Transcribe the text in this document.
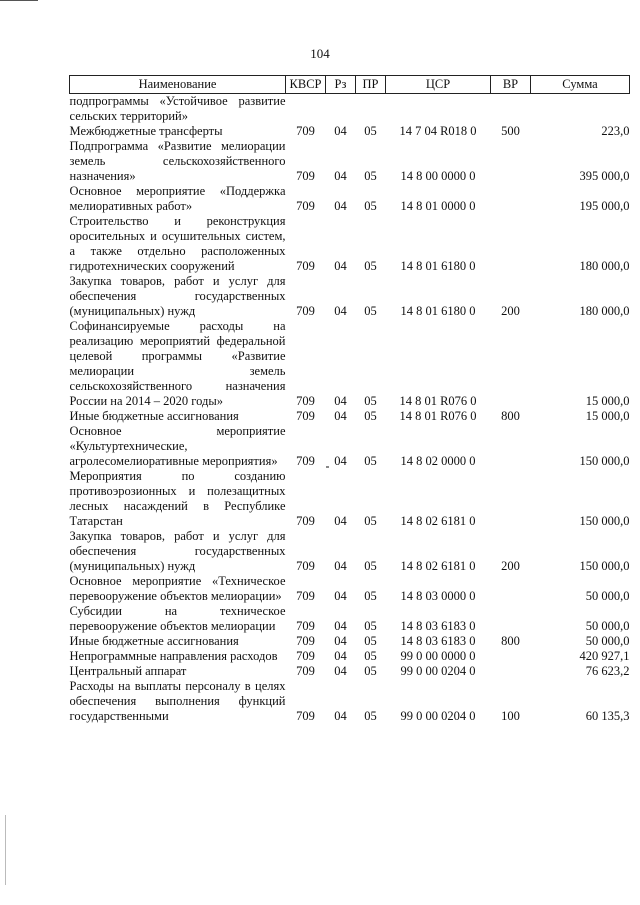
104
Наименование	КВСР	Рз	ПР	ЦСР	ВР	Сумма
подпрограммы «Устойчивое развитие сельских территорий»						
Межбюджетные трансферты	709	04	05	14 7 04 R018 0	500	223,0
Подпрограмма «Развитие мелиорации земель сельскохозяйственного назначения»	709	04	05	14 8 00 0000 0		395 000,0
Основное мероприятие «Поддержка мелиоративных работ»	709	04	05	14 8 01 0000 0		195 000,0
Строительство и реконструкция оросительных и осушительных систем, а также отдельно расположенных гидротехнических сооружений	709	04	05	14 8 01 6180 0		180 000,0
Закупка товаров, работ и услуг для обеспечения государственных (муниципальных) нужд	709	04	05	14 8 01 6180 0	200	180 000,0
Софинансируемые расходы на реализацию мероприятий федеральной целевой программы «Развитие мелиорации земель сельскохозяйственного назначения России на 2014 – 2020 годы»	709	04	05	14 8 01 R076 0		15 000,0
Иные бюджетные ассигнования	709	04	05	14 8 01 R076 0	800	15 000,0
Основное мероприятие «Культуртехнические, агролесомелиоративные мероприятия»	709	04	05	14 8 02 0000 0		150 000,0
Мероприятия по созданию противоэрозионных и полезащитных лесных насаждений в Республике Татарстан	709	04	05	14 8 02 6181 0		150 000,0
Закупка товаров, работ и услуг для обеспечения государственных (муниципальных) нужд	709	04	05	14 8 02 6181 0	200	150 000,0
Основное мероприятие «Техническое перевооружение объектов мелиорации»	709	04	05	14 8 03 0000 0		50 000,0
Субсидии на техническое перевооружение объектов мелиорации	709	04	05	14 8 03 6183 0		50 000,0
Иные бюджетные ассигнования	709	04	05	14 8 03 6183 0	800	50 000,0
Непрограммные направления расходов	709	04	05	99 0 00 0000 0		420 927,1
Центральный аппарат	709	04	05	99 0 00 0204 0		76 623,2
Расходы на выплаты персоналу в целях обеспечения выполнения функций государственными	709	04	05	99 0 00 0204 0	100	60 135,3
